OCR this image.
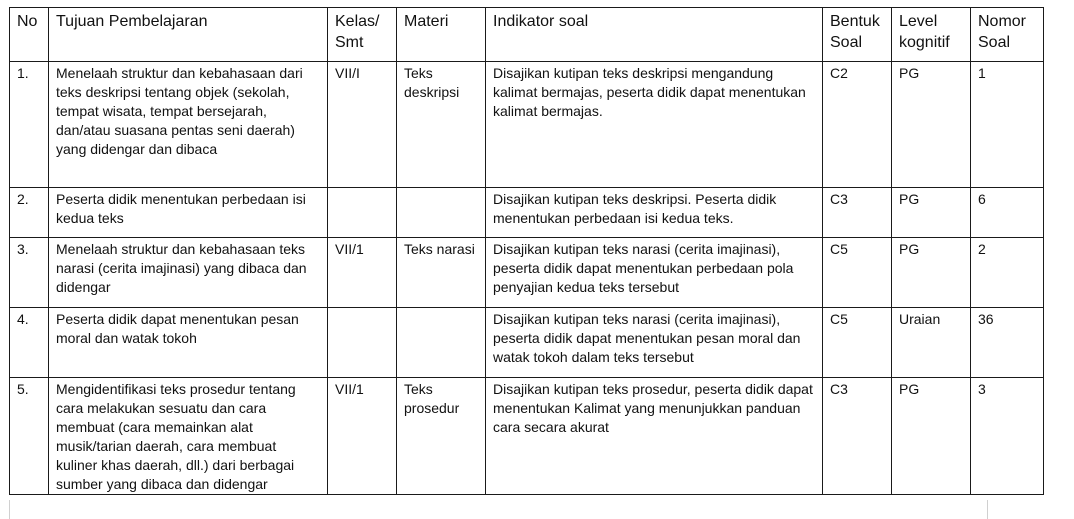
No	Tujuan Pembelajaran	Kelas/ Smt	Materi	Indikator soal	Bentuk Soal	Level kognitif	Nomor Soal
1.	Menelaah struktur dan kebahasaan dari teks deskripsi tentang objek (sekolah, tempat wisata, tempat bersejarah, dan/atau suasana pentas seni daerah) yang didengar dan dibaca	VII/I	Teks deskripsi	Disajikan kutipan teks deskripsi mengandung kalimat bermajas, peserta didik dapat menentukan kalimat bermajas.	C2	PG	1
2.	Peserta didik menentukan perbedaan isi kedua teks			Disajikan kutipan teks deskripsi. Peserta didik menentukan perbedaan isi kedua teks.	C3	PG	6
3.	Menelaah struktur dan kebahasaan teks narasi (cerita imajinasi) yang dibaca dan didengar	VII/1	Teks narasi	Disajikan kutipan teks narasi (cerita imajinasi), peserta didik dapat menentukan perbedaan pola penyajian kedua teks tersebut	C5	PG	2
4.	Peserta didik dapat menentukan pesan moral dan watak tokoh			Disajikan kutipan teks narasi (cerita imajinasi), peserta didik dapat menentukan pesan moral dan watak tokoh dalam teks tersebut	C5	Uraian	36
5.	Mengidentifikasi teks prosedur tentang cara melakukan sesuatu dan cara membuat (cara memainkan alat musik/tarian daerah, cara membuat kuliner khas daerah, dll.) dari berbagai sumber yang dibaca dan didengar	VII/1	Teks prosedur	Disajikan kutipan teks prosedur, peserta didik dapat menentukan Kalimat yang menunjukkan panduan cara secara akurat	C3	PG	3
